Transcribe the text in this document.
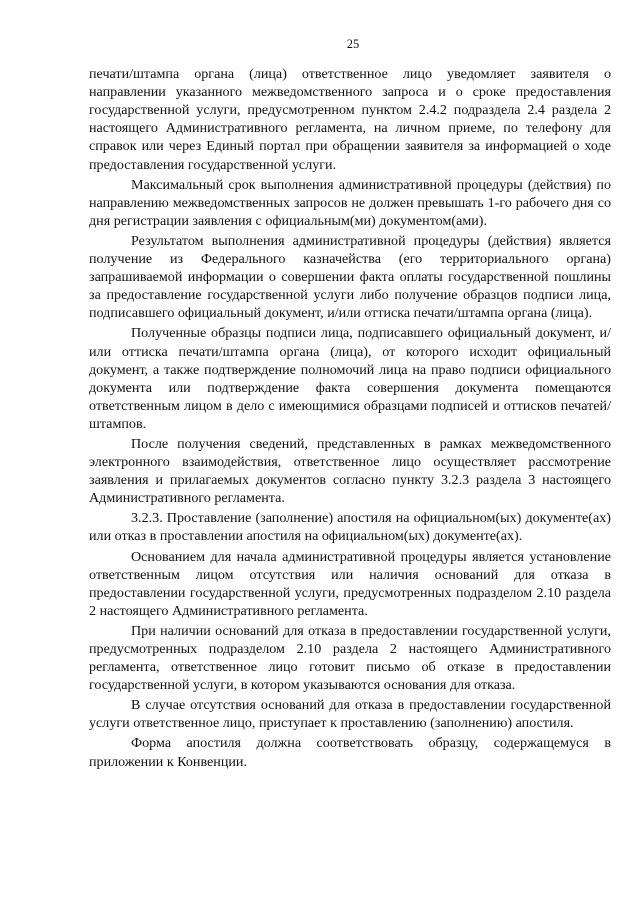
25

печати/штампа органа (лица) ответственное лицо уведомляет заявителя о направлении указанного межведомственного запроса и о сроке предоставления государственной услуги, предусмотренном пунктом 2.4.2 подраздела 2.4 раздела 2 настоящего Административного регламента, на личном приеме, по телефону для справок или через Единый портал при обращении заявителя за информацией о ходе предоставления государственной услуги.

Максимальный срок выполнения административной процедуры (действия) по направлению межведомственных запросов не должен превышать 1-го рабочего дня со дня регистрации заявления с официальным(ми) документом(ами).

Результатом выполнения административной процедуры (действия) является получение из Федерального казначейства (его территориального органа) запрашиваемой информации о совершении факта оплаты государственной пошлины за предоставление государственной услуги либо получение образцов подписи лица, подписавшего официальный документ, и/или оттиска печати/штампа органа (лица).

Полученные образцы подписи лица, подписавшего официальный документ, и/или оттиска печати/штампа органа (лица), от которого исходит официальный документ, а также подтверждение полномочий лица на право подписи официального документа или подтверждение факта совершения документа помещаются ответственным лицом в дело с имеющимися образцами подписей и оттисков печатей/штампов.

После получения сведений, представленных в рамках межведомственного электронного взаимодействия, ответственное лицо осуществляет рассмотрение заявления и прилагаемых документов согласно пункту 3.2.3 раздела 3 настоящего Административного регламента.

3.2.3. Проставление (заполнение) апостиля на официальном(ых) документе(ах) или отказ в проставлении апостиля на официальном(ых) документе(ах).

Основанием для начала административной процедуры является установление ответственным лицом отсутствия или наличия оснований для отказа в предоставлении государственной услуги, предусмотренных подразделом 2.10 раздела 2 настоящего Административного регламента.

При наличии оснований для отказа в предоставлении государственной услуги, предусмотренных подразделом 2.10 раздела 2 настоящего Административного регламента, ответственное лицо готовит письмо об отказе в предоставлении государственной услуги, в котором указываются основания для отказа.

В случае отсутствия оснований для отказа в предоставлении государственной услуги ответственное лицо, приступает к проставлению (заполнению) апостиля.

Форма апостиля должна соответствовать образцу, содержащемуся в приложении к Конвенции.
